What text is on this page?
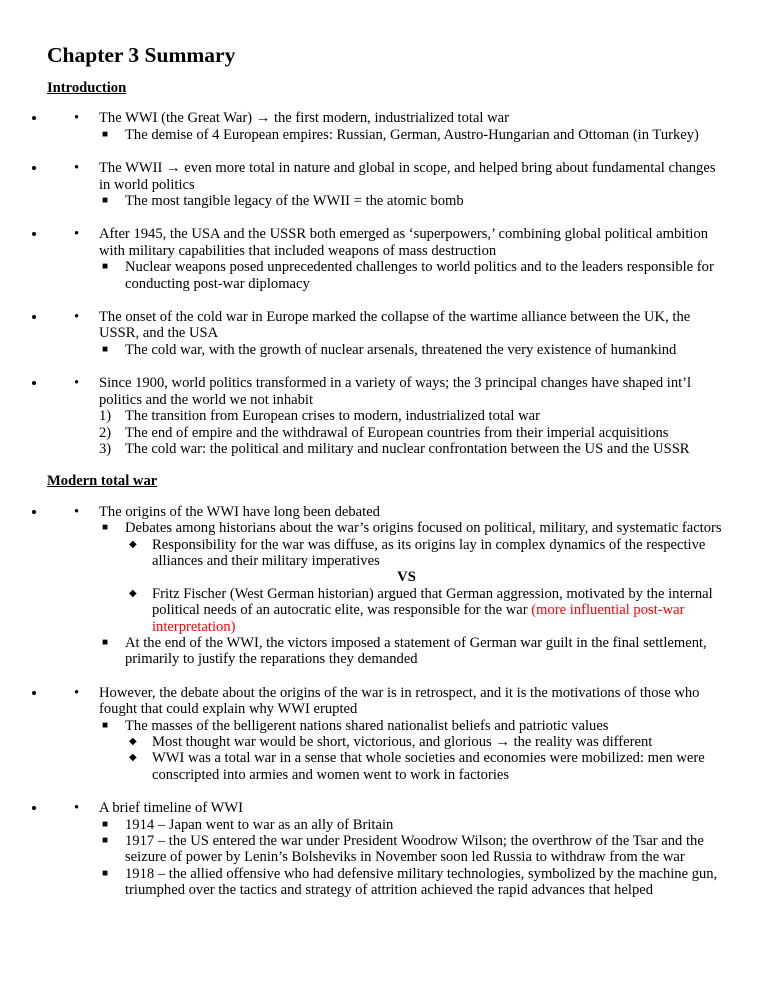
Chapter 3 Summary
Introduction
• • The WWI (the Great War) → the first modern, industrialized total war
■ The demise of 4 European empires: Russian, German, Austro-Hungarian and Ottoman (in Turkey)
• • The WWII → even more total in nature and global in scope, and helped bring about fundamental changes in world politics
■ The most tangible legacy of the WWII = the atomic bomb
• • After 1945, the USA and the USSR both emerged as ‘superpowers,’ combining global political ambition with military capabilities that included weapons of mass destruction
■ Nuclear weapons posed unprecedented challenges to world politics and to the leaders responsible for conducting post-war diplomacy
• • The onset of the cold war in Europe marked the collapse of the wartime alliance between the UK, the USSR, and the USA
■ The cold war, with the growth of nuclear arsenals, threatened the very existence of humankind
• • Since 1900, world politics transformed in a variety of ways; the 3 principal changes have shaped int’l politics and the world we not inhabit
1) The transition from European crises to modern, industrialized total war
2) The end of empire and the withdrawal of European countries from their imperial acquisitions
3) The cold war: the political and military and nuclear confrontation between the US and the USSR
Modern total war
• • The origins of the WWI have long been debated
■ Debates among historians about the war’s origins focused on political, military, and systematic factors
◆ Responsibility for the war was diffuse, as its origins lay in complex dynamics of the respective alliances and their military imperatives
VS
◆ Fritz Fischer (West German historian) argued that German aggression, motivated by the internal political needs of an autocratic elite, was responsible for the war (more influential post-war interpretation)
■ At the end of the WWI, the victors imposed a statement of German war guilt in the final settlement, primarily to justify the reparations they demanded
• • However, the debate about the origins of the war is in retrospect, and it is the motivations of those who fought that could explain why WWI erupted
■ The masses of the belligerent nations shared nationalist beliefs and patriotic values
◆ Most thought war would be short, victorious, and glorious → the reality was different
◆ WWI was a total war in a sense that whole societies and economies were mobilized: men were conscripted into armies and women went to work in factories
• • A brief timeline of WWI
■ 1914 – Japan went to war as an ally of Britain
■ 1917 – the US entered the war under President Woodrow Wilson; the overthrow of the Tsar and the seizure of power by Lenin’s Bolsheviks in November soon led Russia to withdraw from the war
■ 1918 – the allied offensive who had defensive military technologies, symbolized by the machine gun, triumphed over the tactics and strategy of attrition achieved the rapid advances that helped
